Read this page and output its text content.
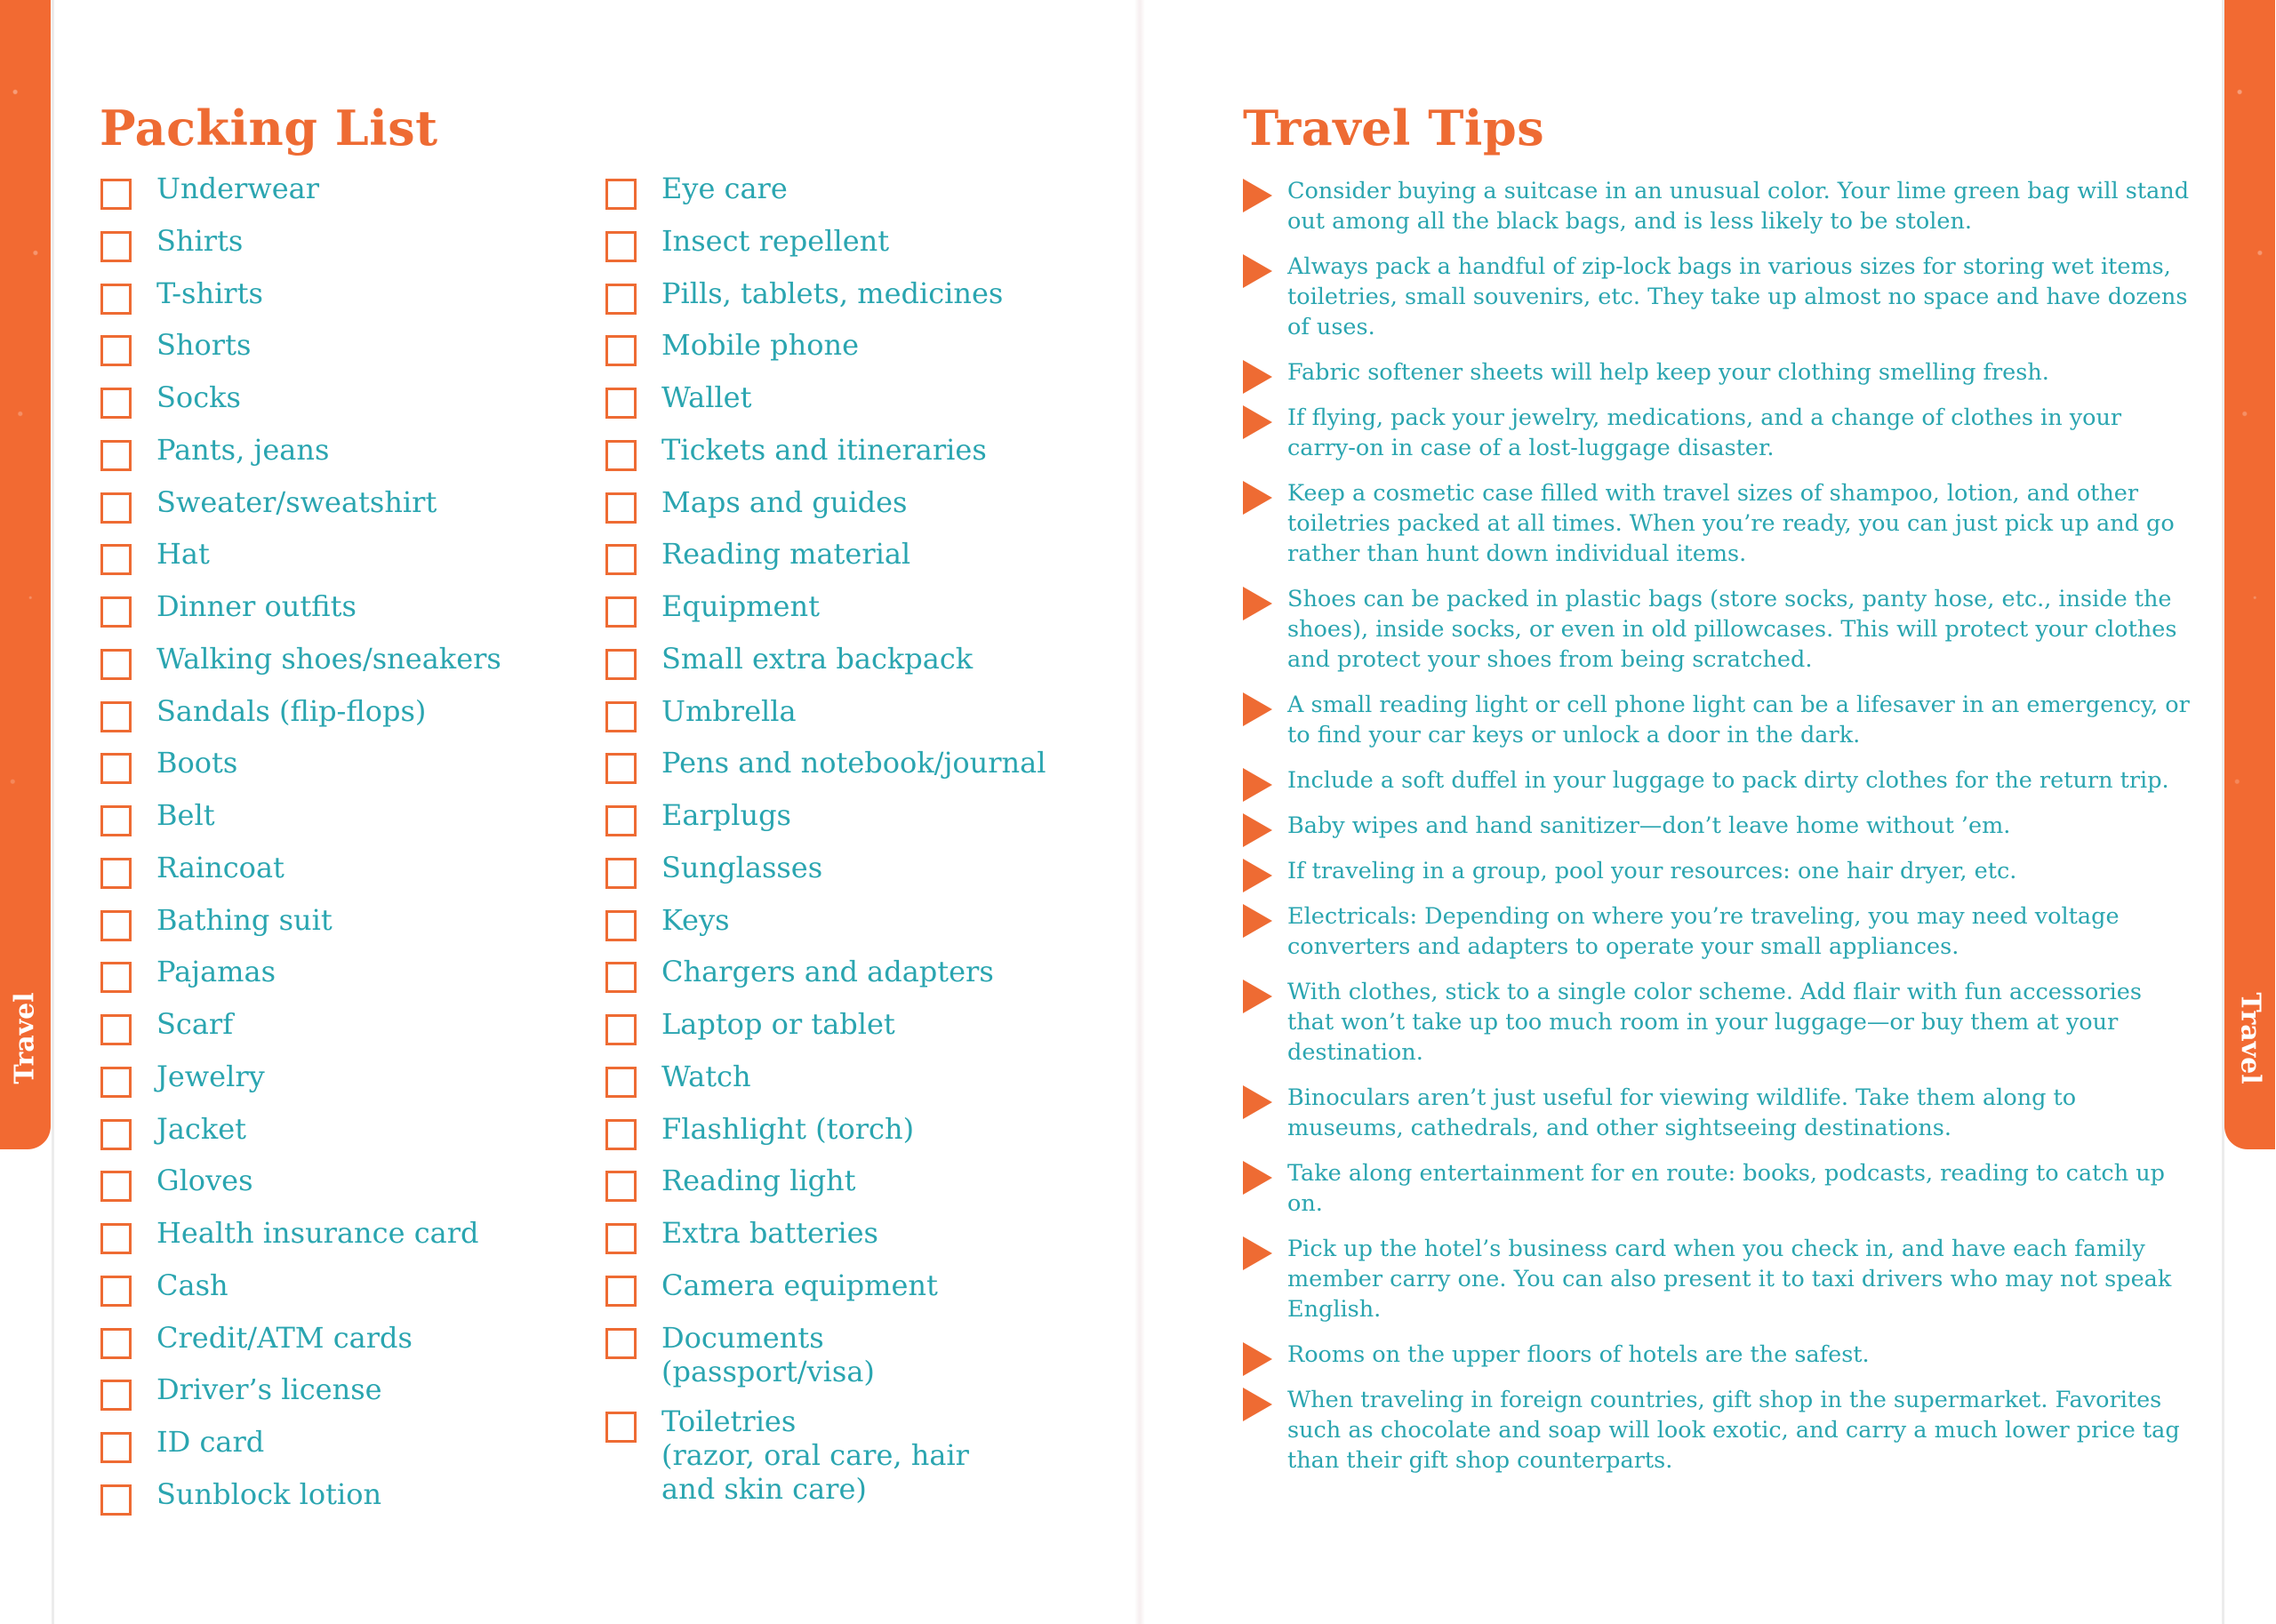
Travel	Travel
Packing List
Underwear
Shirts
T-shirts
Shorts
Socks
Pants, jeans
Sweater/sweatshirt
Hat
Dinner outfits
Walking shoes/sneakers
Sandals (flip-flops)
Boots
Belt
Raincoat
Bathing suit
Pajamas
Scarf
Jewelry
Jacket
Gloves
Health insurance card
Cash
Credit/ATM cards
Driver’s license
ID card
Sunblock lotion
Eye care
Insect repellent
Pills, tablets, medicines
Mobile phone
Wallet
Tickets and itineraries
Maps and guides
Reading material
Equipment
Small extra backpack
Umbrella
Pens and notebook/journal
Earplugs
Sunglasses
Keys
Chargers and adapters
Laptop or tablet
Watch
Flashlight (torch)
Reading light
Extra batteries
Camera equipment
Documents
(passport/visa)
Toiletries
(razor, oral care, hair
and skin care)
Travel Tips
Consider buying a suitcase in an unusual color. Your lime green bag will stand out among all the black bags, and is less likely to be stolen.
Always pack a handful of zip-lock bags in various sizes for storing wet items, toiletries, small souvenirs, etc. They take up almost no space and have dozens of uses.
Fabric softener sheets will help keep your clothing smelling fresh.
If flying, pack your jewelry, medications, and a change of clothes in your carry-on in case of a lost-luggage disaster.
Keep a cosmetic case filled with travel sizes of shampoo, lotion, and other toiletries packed at all times. When you’re ready, you can just pick up and go rather than hunt down individual items.
Shoes can be packed in plastic bags (store socks, panty hose, etc., inside the shoes), inside socks, or even in old pillowcases. This will protect your clothes and protect your shoes from being scratched.
A small reading light or cell phone light can be a lifesaver in an emergency, or to find your car keys or unlock a door in the dark.
Include a soft duffel in your luggage to pack dirty clothes for the return trip.
Baby wipes and hand sanitizer—don’t leave home without ’em.
If traveling in a group, pool your resources: one hair dryer, etc.
Electricals: Depending on where you’re traveling, you may need voltage converters and adapters to operate your small appliances.
With clothes, stick to a single color scheme. Add flair with fun accessories that won’t take up too much room in your luggage—or buy them at your destination.
Binoculars aren’t just useful for viewing wildlife. Take them along to museums, cathedrals, and other sightseeing destinations.
Take along entertainment for en route: books, podcasts, reading to catch up on.
Pick up the hotel’s business card when you check in, and have each family member carry one. You can also present it to taxi drivers who may not speak English.
Rooms on the upper floors of hotels are the safest.
When traveling in foreign countries, gift shop in the supermarket. Favorites such as chocolate and soap will look exotic, and carry a much lower price tag than their gift shop counterparts.
